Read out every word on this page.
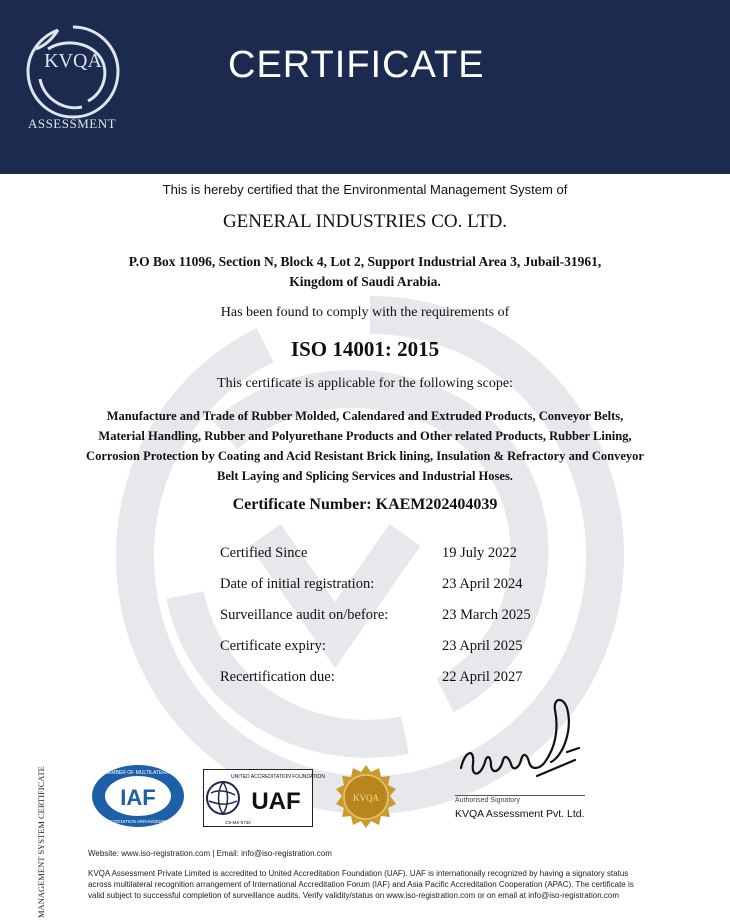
KVQA
ASSESSMENT
CERTIFICATE
This is hereby certified that the Environmental Management System of
GENERAL INDUSTRIES CO. LTD.
P.O Box 11096, Section N, Block 4, Lot 2, Support Industrial Area 3, Jubail-31961,
Kingdom of Saudi Arabia.
Has been found to comply with the requirements of
ISO 14001: 2015
This certificate is applicable for the following scope:
Manufacture and Trade of Rubber Molded, Calendared and Extruded Products, Conveyor Belts, Material Handling, Rubber and Polyurethane Products and Other related Products, Rubber Lining, Corrosion Protection by Coating and Acid Resistant Brick lining, Insulation & Refractory and Conveyor Belt Laying and Splicing Services and Industrial Hoses.
Certificate Number: KAEM202404039
Certified Since	19 July 2022
Date of initial registration:	23 April 2024
Surveillance audit on/before:	23 March 2025
Certificate expiry:	23 April 2025
Recertification due:	22 April 2027
Authorised Signatory
KVQA Assessment Pvt. Ltd.
IAF
MEMBER OF MULTILATERAL
RECOGNITION ARRANGEMENT
UNITED ACCREDITATION FOUNDATION
UAF
C9-MS-5730
KVQA
Website: www.iso-registration.com | Email: info@iso-registration.com
KVQA Assessment Private Limited is accredited to United Accreditation Foundation (UAF). UAF is internationally recognized by having a signatory status across multilateral recognition arrangement of International Accreditation Forum (IAF) and Asia Pacific Accreditation Cooperation (APAC). The certificate is valid subject to successful completion of surveillance audits. Verify validity/status on www.iso-registration.com or on email at info@iso-registration.com
MANAGEMENT SYSTEM CERTIFICATE
